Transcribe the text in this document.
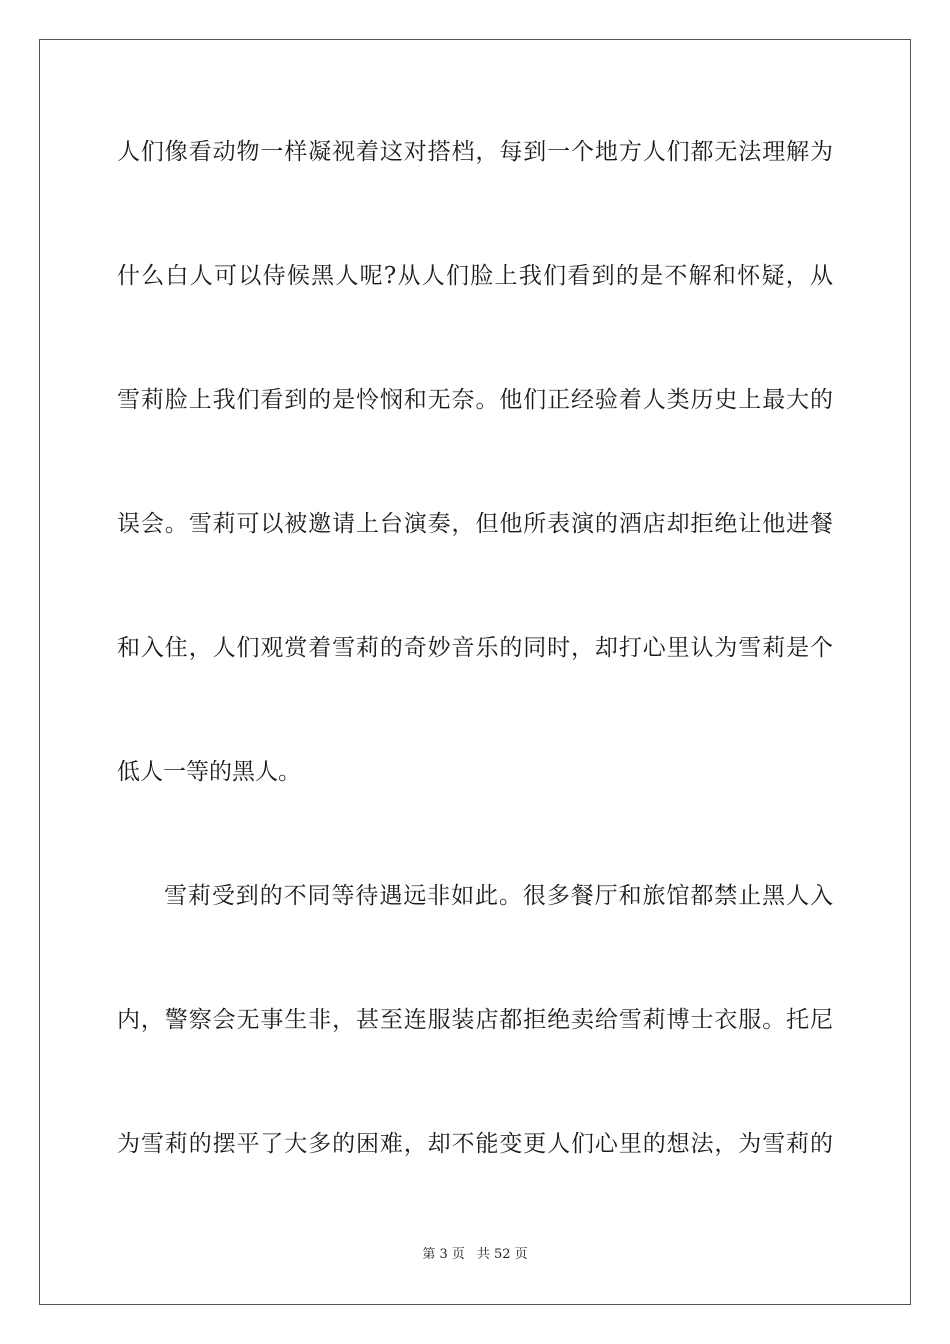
人们像看动物一样凝视着这对搭档，每到一个地方人们都无法理解为
什么白人可以侍候黑人呢?从人们脸上我们看到的是不解和怀疑，从
雪莉脸上我们看到的是怜悯和无奈。他们正经验着人类历史上最大的
误会。雪莉可以被邀请上台演奏，但他所表演的酒店却拒绝让他进餐
和入住，人们观赏着雪莉的奇妙音乐的同时，却打心里认为雪莉是个
低人一等的黑人。
雪莉受到的不同等待遇远非如此。很多餐厅和旅馆都禁止黑人入
内，警察会无事生非，甚至连服装店都拒绝卖给雪莉博士衣服。托尼
为雪莉的摆平了大多的困难，却不能变更人们心里的想法，为雪莉的
第 3 页 共 52 页
